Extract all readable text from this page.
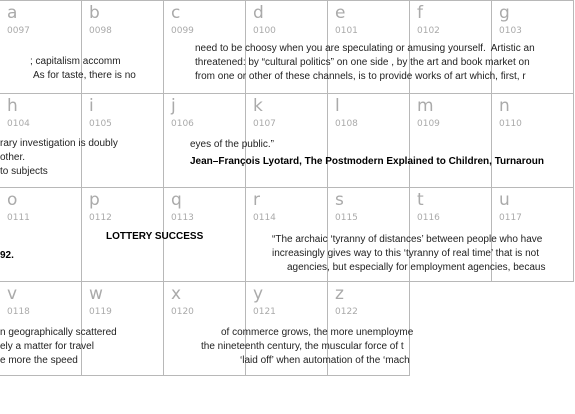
a
0097
b
0098
c
0099
d
0100
e
0101
f
0102
g
0103
h
0104
i
0105
j
0106
k
0107
l
0108
m
0109
n
0110
o
0111
p
0112
q
0113
r
0114
s
0115
t
0116
u
0117
v
0118
w
0119
x
0120
y
0121
z
0122
; capitalism accomm
As for taste, there is no
need to be choosy when you are speculating or amusing yourself.  Artistic an
threatened: by “cultural politics” on one side , by the art and book market on
from one or other of these channels, is to provide works of art which, first, r
rary investigation is doubly
other.
to subjects
eyes of the public.”
Jean–François Lyotard, The Postmodern Explained to Children, Turnaroun
92.
LOTTERY SUCCESS	“The archaic ‘tyranny of distances’ between people who have
increasingly gives way to this ‘tyranny of real time’ that is not
agencies, but especially for employment agencies, becaus
n geographically scattered
ely a matter for travel
e more the speed
of commerce grows, the more unemployme
the nineteenth century, the muscular force of t
‘laid off’ when automation of the ‘mach
